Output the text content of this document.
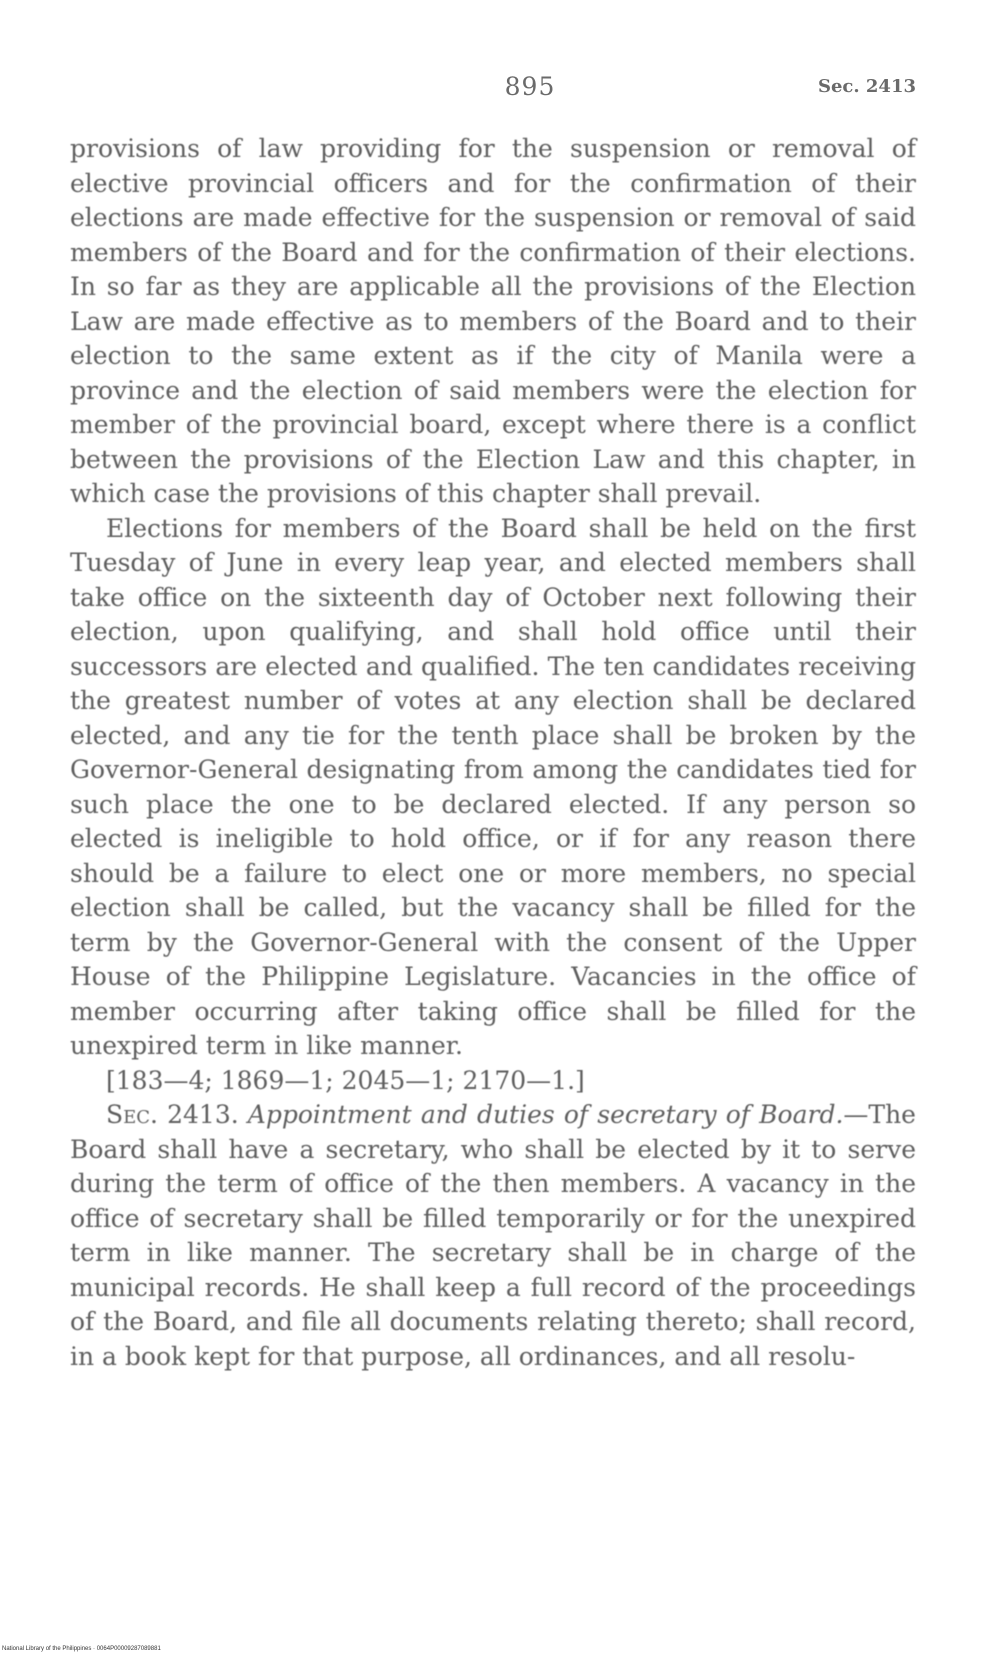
895	Sec. 2413

provisions of law providing for the suspension or removal of elective provincial officers and for the confirmation of their elections are made effective for the suspension or removal of said members of the Board and for the confirmation of their elections. In so far as they are applicable all the provisions of the Election Law are made effective as to members of the Board and to their election to the same extent as if the city of Manila were a province and the election of said members were the election for member of the provincial board, except where there is a conflict between the provisions of the Election Law and this chapter, in which case the provisions of this chapter shall prevail.

Elections for members of the Board shall be held on the first Tuesday of June in every leap year, and elected members shall take office on the sixteenth day of October next following their election, upon qualifying, and shall hold office until their successors are elected and qualified. The ten candidates receiving the greatest number of votes at any election shall be declared elected, and any tie for the tenth place shall be broken by the Governor-General designating from among the candidates tied for such place the one to be declared elected. If any person so elected is ineligible to hold office, or if for any reason there should be a failure to elect one or more members, no special election shall be called, but the vacancy shall be filled for the term by the Governor-General with the consent of the Upper House of the Philippine Legislature. Vacancies in the office of member occurring after taking office shall be filled for the unexpired term in like manner.

[183—4; 1869—1; 2045—1; 2170—1.]

Sec. 2413. Appointment and duties of secretary of Board.—The Board shall have a secretary, who shall be elected by it to serve during the term of office of the then members. A vacancy in the office of secretary shall be filled temporarily or for the unexpired term in like manner. The secretary shall be in charge of the municipal records. He shall keep a full record of the proceedings of the Board, and file all documents relating thereto; shall record, in a book kept for that purpose, all ordinances, and all resolu-

National Library of the Philippines · 0064P00009287089881
